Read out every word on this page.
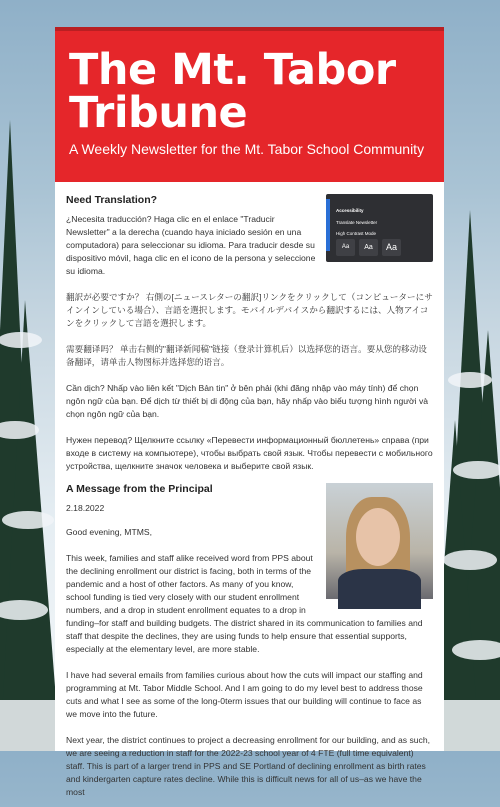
The Mt. Tabor Tribune
A Weekly Newsletter for the Mt. Tabor School Community
Accessibility
Translate Newsletter
High Contrast Mode
Aa	Aa	Aa
Need Translation?
¿Necesita traducción? Haga clic en el enlace "Traducir Newsletter" a la derecha (cuando haya iniciado sesión en una computadora) para seleccionar su idioma. Para traducir desde su dispositivo móvil, haga clic en el icono de la persona y seleccione su idioma.
翻訳が必要ですか？ 右側の[ニュースレターの翻訳]リンクをクリックして（コンピューターにサインインしている場合）、言語を選択します。モバイルデバイスから翻訳するには、人物アイコンをクリックして言語を選択します。
需要翻译吗？ 单击右侧的"翻译新闻稿"链接（登录计算机后）以选择您的语言。要从您的移动设备翻译，请单击人物图标并选择您的语言。
Cần dịch? Nhấp vào liên kết "Dịch Bản tin" ở bên phải (khi đăng nhập vào máy tính) để chọn ngôn ngữ của bạn. Để dịch từ thiết bị di động của bạn, hãy nhấp vào biểu tượng hình người và chọn ngôn ngữ của bạn.
Нужен перевод? Щелкните ссылку «Перевести информационный бюллетень» справа (при входе в систему на компьютере), чтобы выбрать свой язык. Чтобы перевести с мобильного устройства, щелкните значок человека и выберите свой язык.
A Message from the Principal
2.18.2022
Good evening, MTMS,
This week, families and staff alike received word from PPS about the declining enrollment our district is facing, both in terms of the pandemic and a host of other factors. As many of you know, school funding is tied very closely with our student enrollment numbers, and a drop in student enrollment equates to a drop in funding–for staff and building budgets. The district shared in its communication to families and staff that despite the declines, they are using funds to help ensure that essential supports, especially at the elementary level, are more stable.
I have had several emails from families curious about how the cuts will impact our staffing and programming at Mt. Tabor Middle School. And I am going to do my level best to address those cuts and what I see as some of the long-0term issues that our building will continue to face as we move into the future.
Next year, the district continues to project a decreasing enrollment for our building, and as such, we are seeing a reduction in staff for the 2022-23 school year of 4 FTE (full time equivalent) staff. This is part of a larger trend in PPS and SE Portland of declining enrollment as birth rates and kindergarten capture rates decline. While this is difficult news for all of us–as we have the most
